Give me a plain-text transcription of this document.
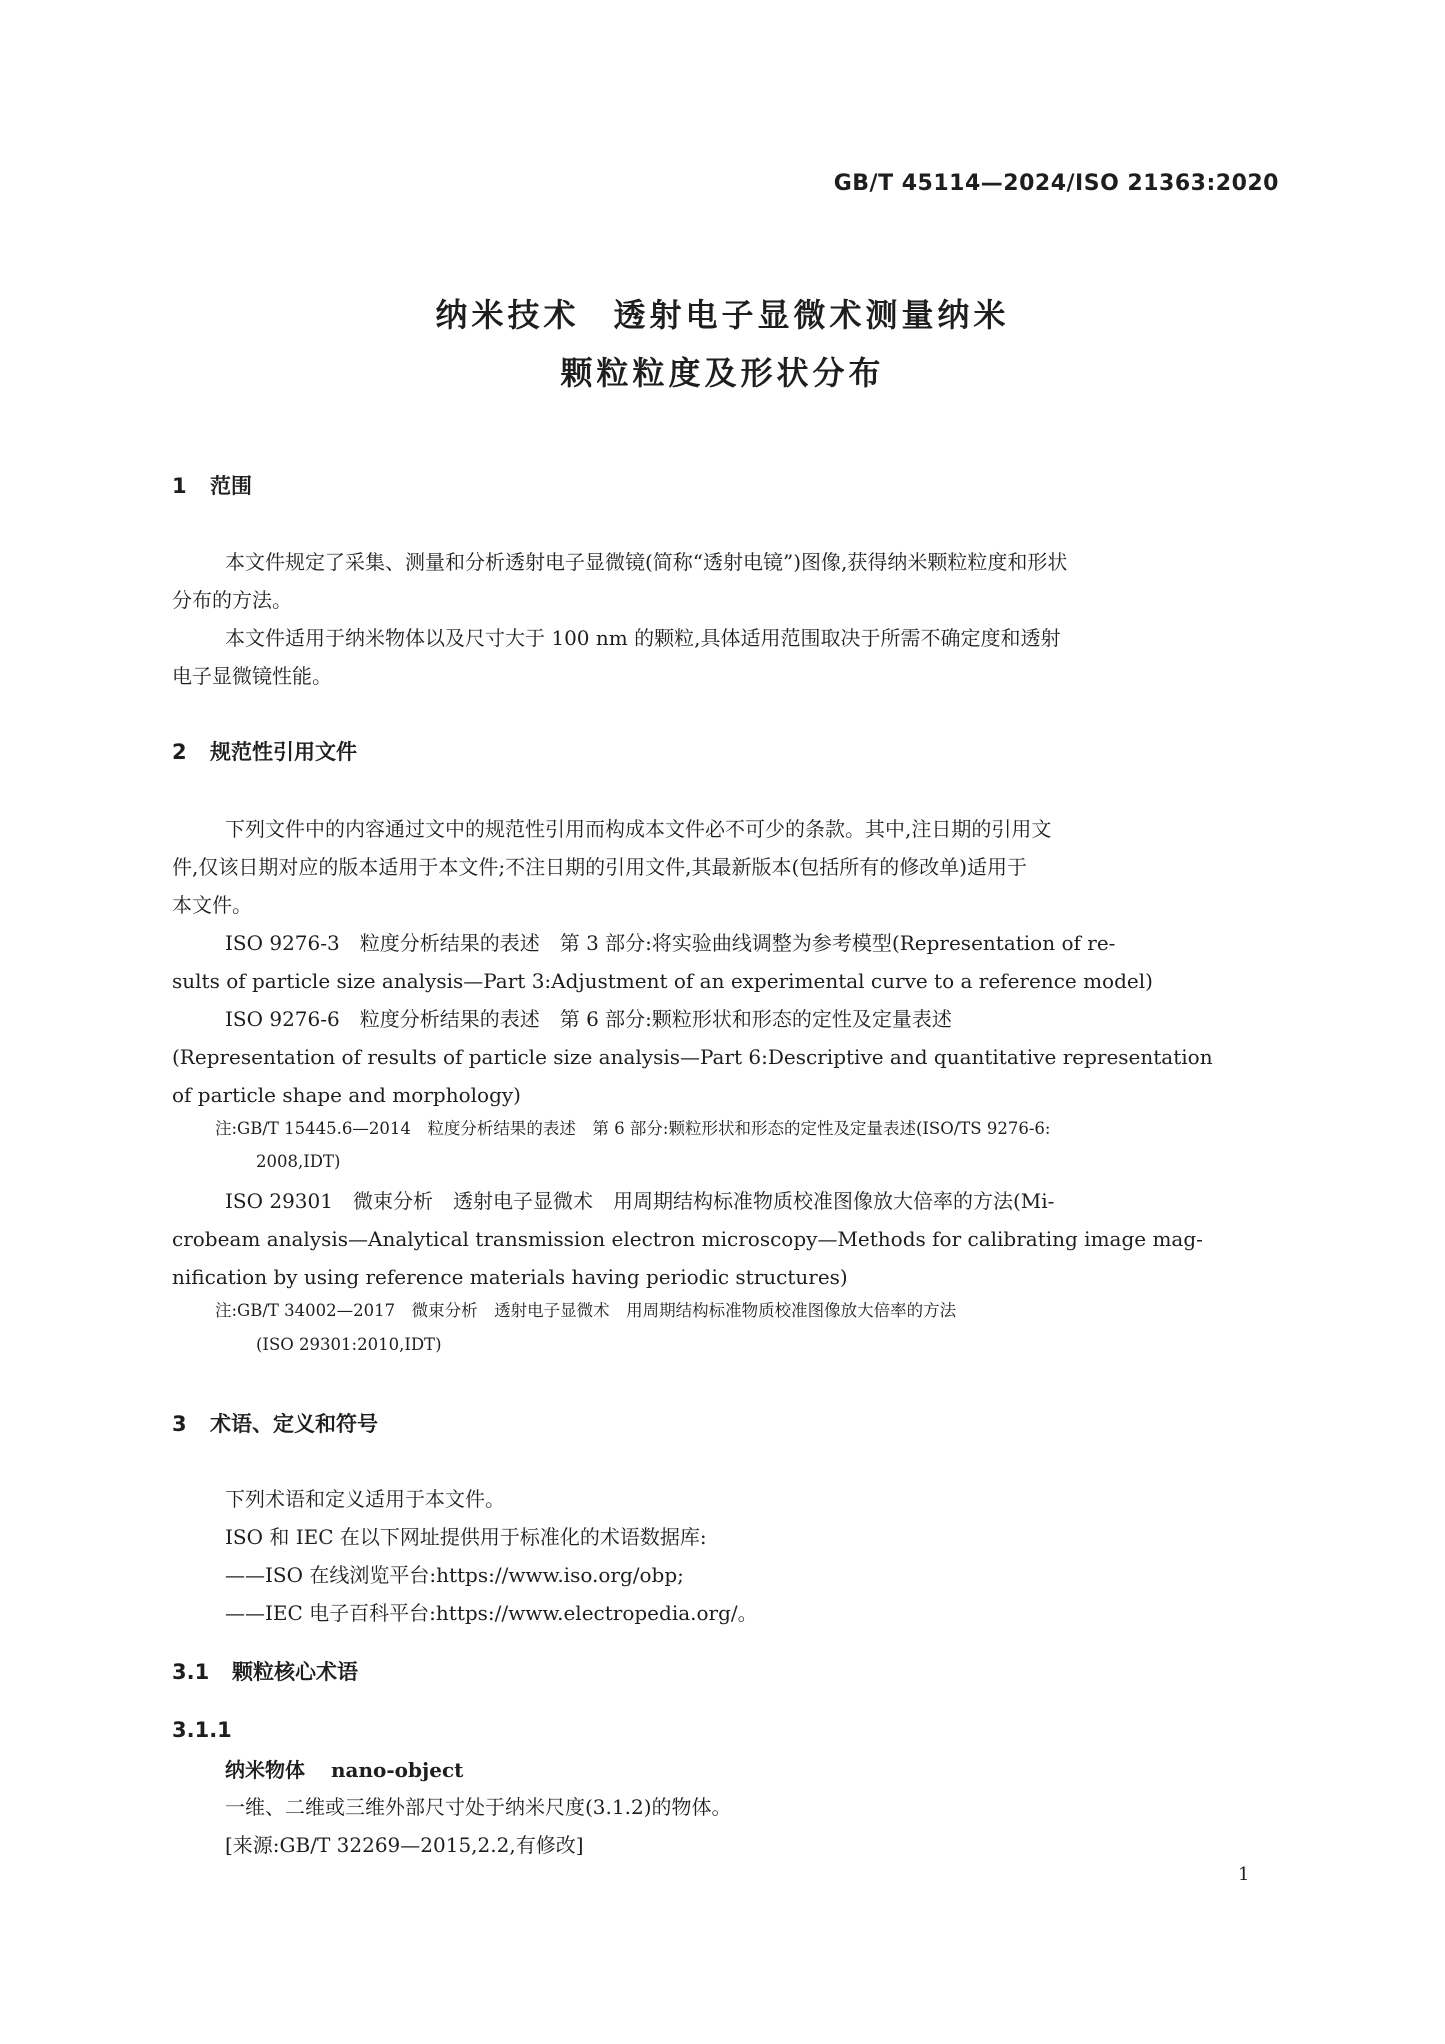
GB/T 45114—2024/ISO 21363:2020
纳米技术 透射电子显微术测量纳米
颗粒粒度及形状分布
1 范围
本文件规定了采集、测量和分析透射电子显微镜(简称“透射电镜”)图像,获得纳米颗粒粒度和形状
分布的方法。
本文件适用于纳米物体以及尺寸大于 100 nm 的颗粒,具体适用范围取决于所需不确定度和透射
电子显微镜性能。
2 规范性引用文件
下列文件中的内容通过文中的规范性引用而构成本文件必不可少的条款。其中,注日期的引用文
件,仅该日期对应的版本适用于本文件;不注日期的引用文件,其最新版本(包括所有的修改单)适用于
本文件。
ISO 9276-3　粒度分析结果的表述　第 3 部分:将实验曲线调整为参考模型(Representation of re-
sults of particle size analysis—Part 3:Adjustment of an experimental curve to a reference model)
ISO 9276-6　粒度分析结果的表述　第 6 部分:颗粒形状和形态的定性及定量表述
(Representation of results of particle size analysis—Part 6:Descriptive and quantitative representation
of particle shape and morphology)
注:GB/T 15445.6—2014　粒度分析结果的表述　第 6 部分:颗粒形状和形态的定性及定量表述(ISO/TS 9276-6:
2008,IDT)
ISO 29301　微束分析　透射电子显微术　用周期结构标准物质校准图像放大倍率的方法(Mi-
crobeam analysis—Analytical transmission electron microscopy—Methods for calibrating image mag-
nification by using reference materials having periodic structures)
注:GB/T 34002—2017　微束分析　透射电子显微术　用周期结构标准物质校准图像放大倍率的方法
(ISO 29301:2010,IDT)
3 术语、定义和符号
下列术语和定义适用于本文件。
ISO 和 IEC 在以下网址提供用于标准化的术语数据库:
——ISO 在线浏览平台:https://www.iso.org/obp;
——IEC 电子百科平台:https://www.electropedia.org/。
3.1 颗粒核心术语
3.1.1
纳米物体 nano-object
一维、二维或三维外部尺寸处于纳米尺度(3.1.2)的物体。
[来源:GB/T 32269—2015,2.2,有修改]
1
